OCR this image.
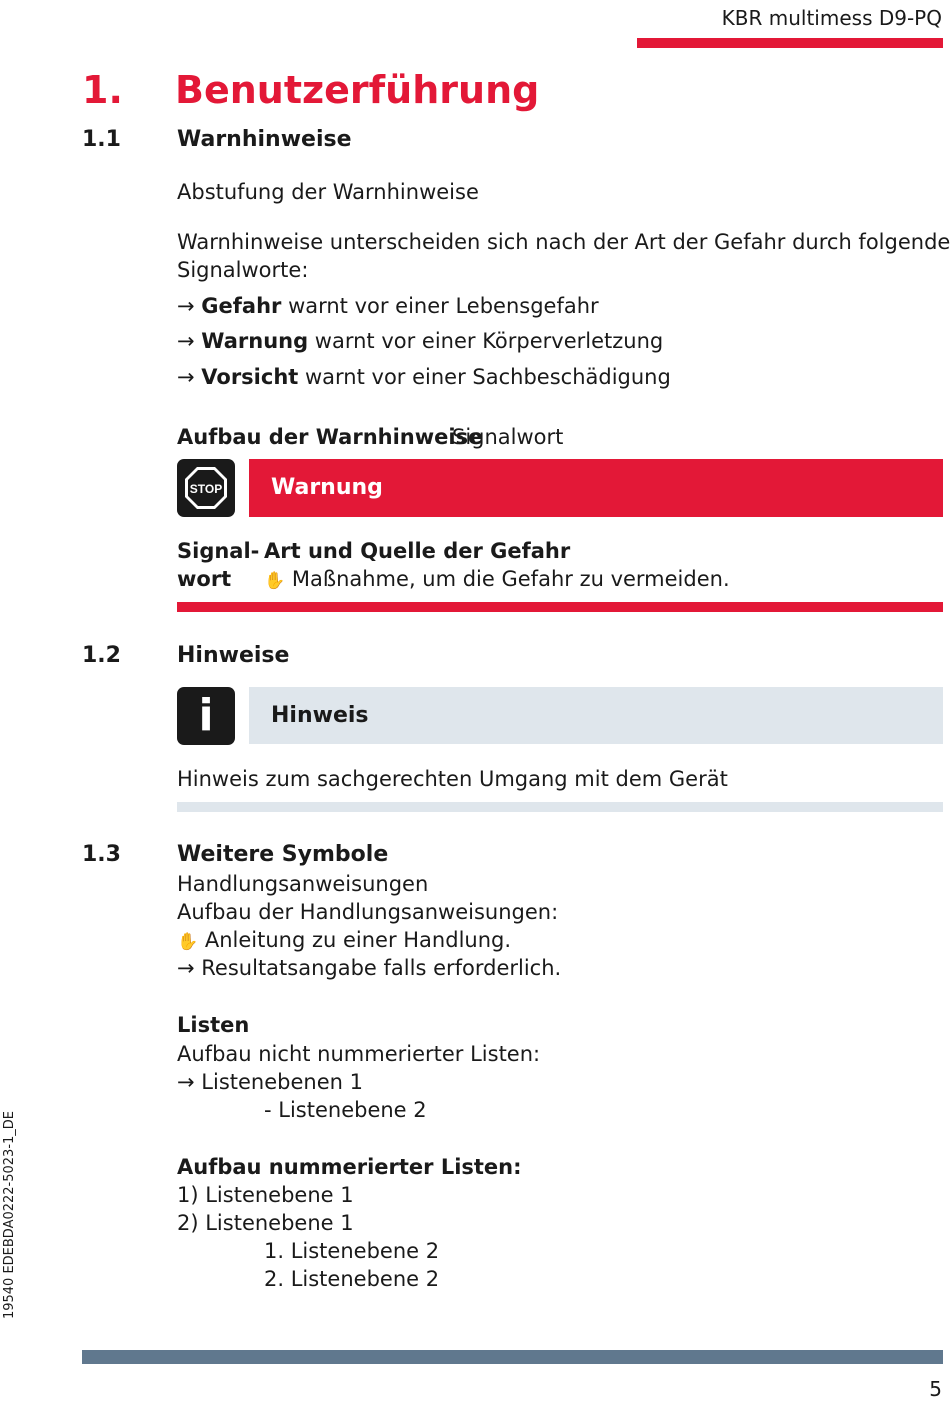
KBR multimess D9-PQ
1. Benutzerführung
1.1	Warnhinweise
Abstufung der Warnhinweise
Warnhinweise unterscheiden sich nach der Art der Gefahr durch folgende
Signalworte:
→ Gefahr warnt vor einer Lebensgefahr
→ Warnung warnt vor einer Körperverletzung
→ Vorsicht warnt vor einer Sachbeschädigung
Aufbau der Warnhinweise
Signalwort
STOP	Warnung
Signal-
wort
Art und Quelle der Gefahr
✋ Maßnahme, um die Gefahr zu vermeiden.
1.2	Hinweise
i	Hinweis
Hinweis zum sachgerechten Umgang mit dem Gerät
1.3	Weitere Symbole
Handlungsanweisungen
Aufbau der Handlungsanweisungen:
✋ Anleitung zu einer Handlung.
→ Resultatsangabe falls erforderlich.
Listen
Aufbau nicht nummerierter Listen:
→ Listenebenen 1
- Listenebene 2
Aufbau nummerierter Listen:
1) Listenebene 1
2) Listenebene 1
1. Listenebene 2
2. Listenebene 2
19540 EDEBDA0222-5023-1_DE
5
